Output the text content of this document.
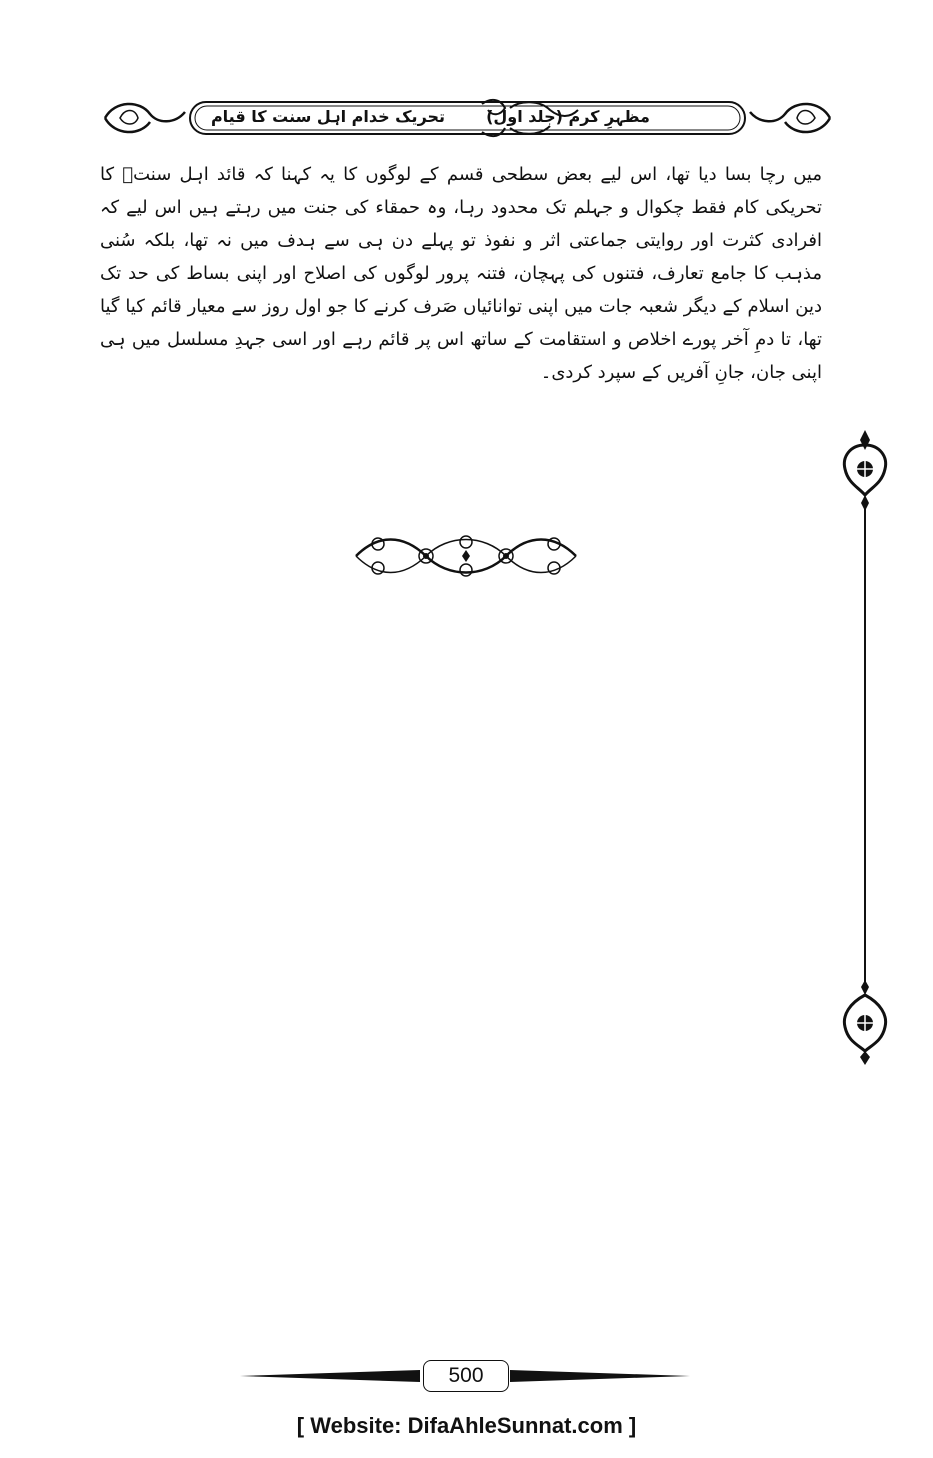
مظہرِ کرم (جلد اول)
تحریک خدام اہل سنت کا قیام

میں رچا بسا دیا تھا، اس لیے بعض سطحی قسم کے لوگوں کا یہ کہنا کہ قائد اہل سنتؒ کا تحریکی کام فقط چکوال و جہلم تک محدود رہا، وہ حمقاء کی جنت میں رہتے ہیں اس لیے کہ افرادی کثرت اور روایتی جماعتی اثر و نفوذ تو پہلے دن ہی سے ہدف میں نہ تھا، بلکہ سُنی مذہب کا جامع تعارف، فتنوں کی پہچان، فتنہ پرور لوگوں کی اصلاح اور اپنی بساط کی حد تک دین اسلام کے دیگر شعبہ جات میں اپنی توانائیاں صَرف کرنے کا جو اول روز سے معیار قائم کیا گیا تھا، تا دمِ آخر پورے اخلاص و استقامت کے ساتھ اس پر قائم رہے اور اسی جہدِ مسلسل میں ہی اپنی جان، جانِ آفریں کے سپرد کردی۔

500
[ Website: DifaAhleSunnat.com ]
